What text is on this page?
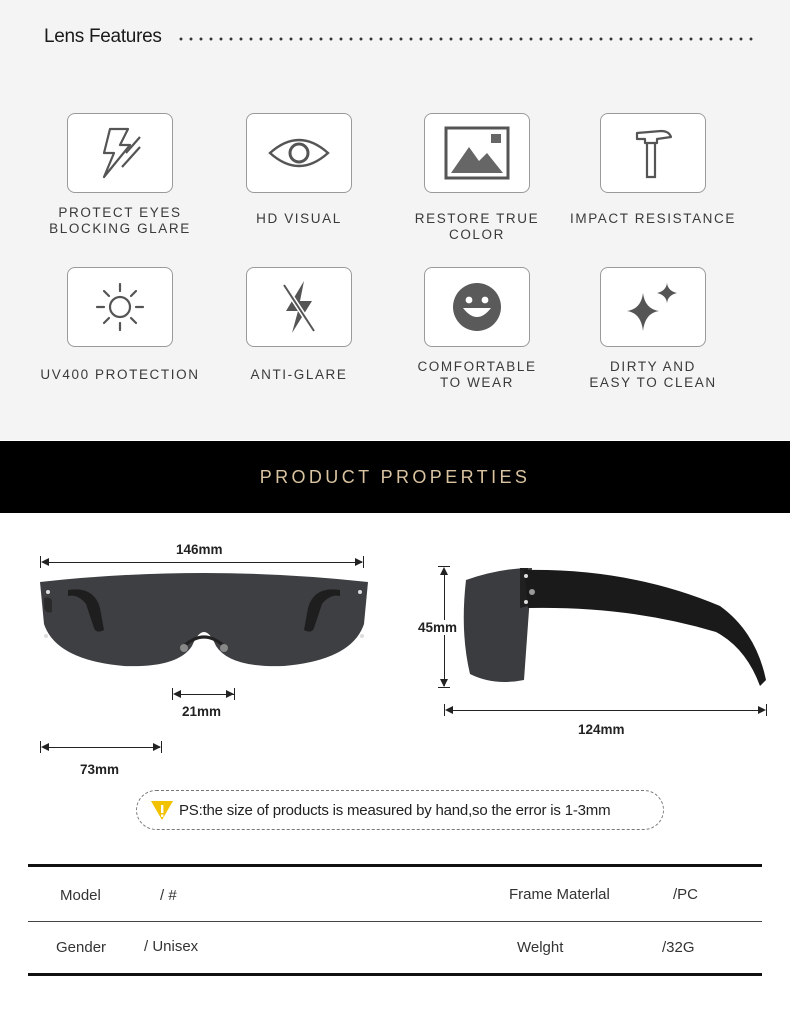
Lens Features
PROTECT EYES
BLOCKING GLARE
HD VISUAL	RESTORE TRUE COLOR
IMPACT RESISTANCE
UV400 PROTECTION	ANTI-GLARE
COMFORTABLE
TO WEAR
DIRTY AND
EASY TO CLEAN
PRODUCT PROPERTIES
146mm
21mm
73mm
45mm
124mm
PS:the size of products is measured by hand,so the error is 1-3mm
Model	/ #	Frame Materlal	/PC
Gender	/ Unisex	Welght	/32G
